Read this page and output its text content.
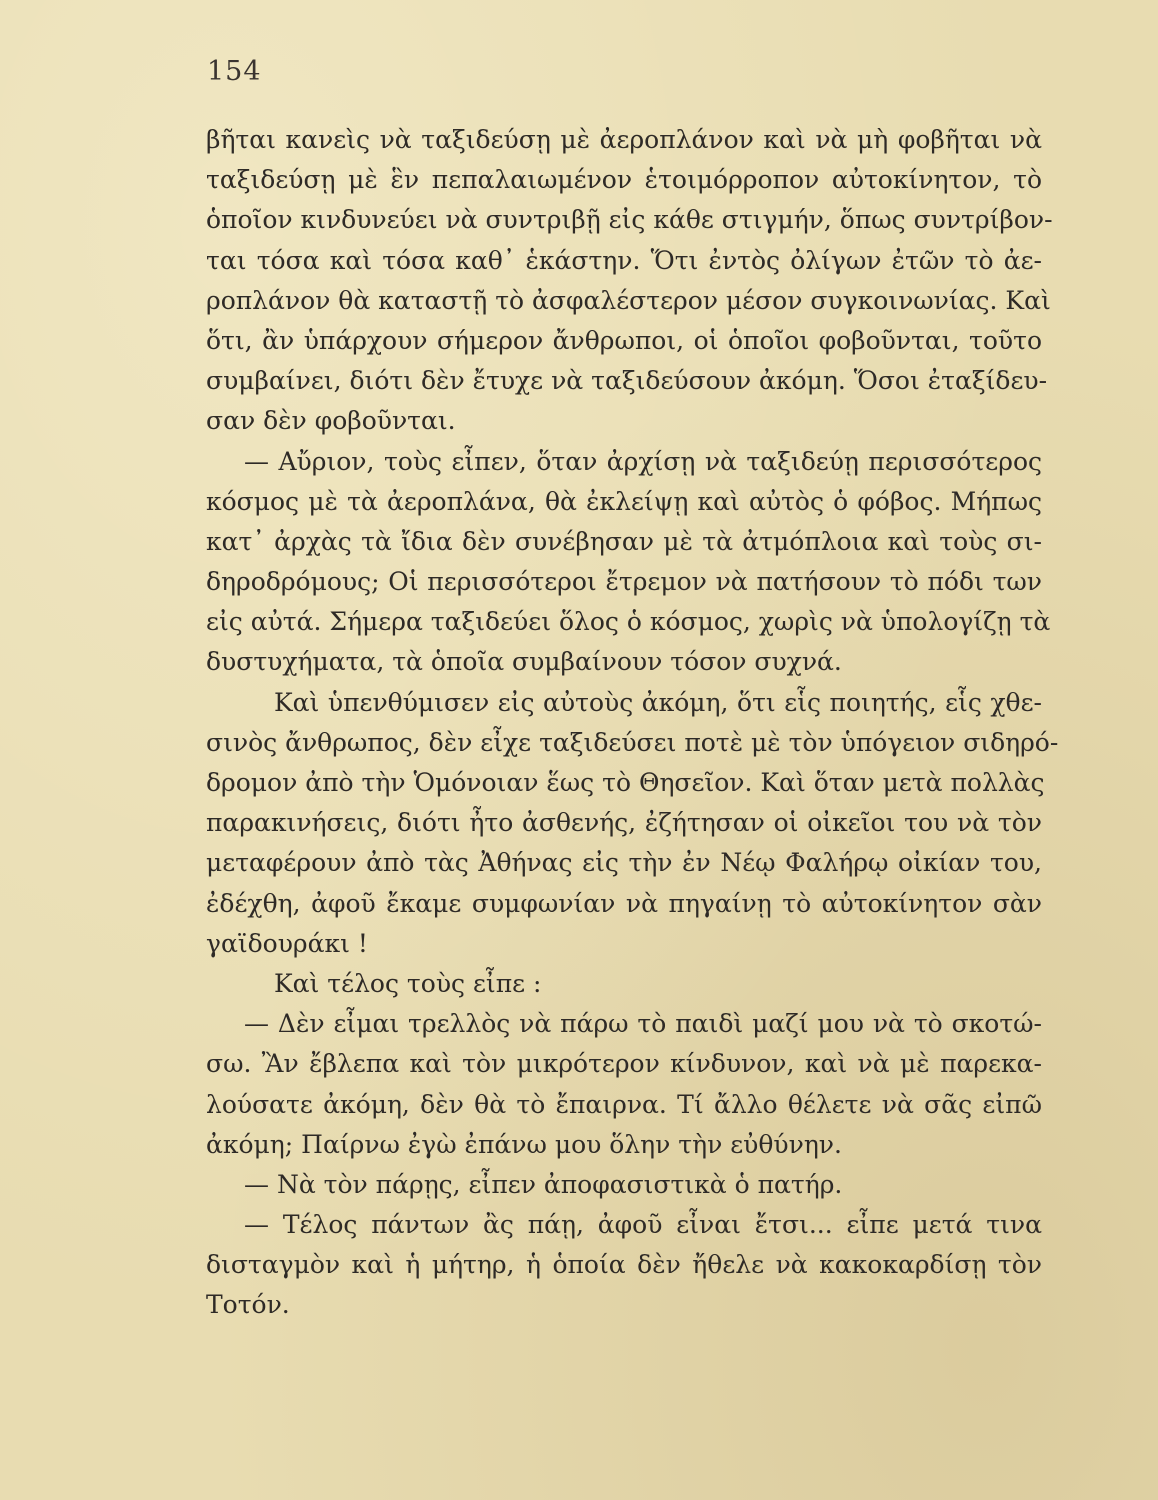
154
βῆται κανεὶς νὰ ταξιδεύσῃ μὲ ἀεροπλάνον καὶ νὰ μὴ φοβῆται νὰ
ταξιδεύσῃ μὲ ἓν πεπαλαιωμένον ἑτοιμόρροπον αὐτοκίνητον, τὸ
ὁποῖον κινδυνεύει νὰ συντριβῇ εἰς κάθε στιγμήν, ὅπως συντρίβον-
ται τόσα καὶ τόσα καθ᾽ ἑκάστην. Ὅτι ἐντὸς ὀλίγων ἐτῶν τὸ ἀε-
ροπλάνον θὰ καταστῇ τὸ ἀσφαλέστερον μέσον συγκοινωνίας. Καὶ
ὅτι, ἂν ὑπάρχουν σήμερον ἄνθρωποι, οἱ ὁποῖοι φοβοῦνται, τοῦτο
συμβαίνει, διότι δὲν ἔτυχε νὰ ταξιδεύσουν ἀκόμη. Ὅσοι ἐταξίδευ-
σαν δὲν φοβοῦνται.
— Αὔριον, τοὺς εἶπεν, ὅταν ἀρχίσῃ νὰ ταξιδεύῃ περισσότερος
κόσμος μὲ τὰ ἀεροπλάνα, θὰ ἐκλείψῃ καὶ αὐτὸς ὁ φόβος. Μήπως
κατ᾽ ἀρχὰς τὰ ἴδια δὲν συνέβησαν μὲ τὰ ἀτμόπλοια καὶ τοὺς σι-
δηροδρόμους; Οἱ περισσότεροι ἔτρεμον νὰ πατήσουν τὸ πόδι των
εἰς αὐτά. Σήμερα ταξιδεύει ὅλος ὁ κόσμος, χωρὶς νὰ ὑπολογίζῃ τὰ
δυστυχήματα, τὰ ὁποῖα συμβαίνουν τόσον συχνά.
Καὶ ὑπενθύμισεν εἰς αὐτοὺς ἀκόμη, ὅτι εἷς ποιητής, εἷς χθε-
σινὸς ἄνθρωπος, δὲν εἶχε ταξιδεύσει ποτὲ μὲ τὸν ὑπόγειον σιδηρό-
δρομον ἀπὸ τὴν Ὁμόνοιαν ἕως τὸ Θησεῖον. Καὶ ὅταν μετὰ πολλὰς
παρακινήσεις, διότι ἦτο ἀσθενής, ἐζήτησαν οἱ οἰκεῖοι του νὰ τὸν
μεταφέρουν ἀπὸ τὰς Ἀθήνας εἰς τὴν ἐν Νέῳ Φαλήρῳ οἰκίαν του,
ἐδέχθη, ἀφοῦ ἔκαμε συμφωνίαν νὰ πηγαίνῃ τὸ αὐτοκίνητον σὰν
γαϊδουράκι !
Καὶ τέλος τοὺς εἶπε :
— Δὲν εἶμαι τρελλὸς νὰ πάρω τὸ παιδὶ μαζί μου νὰ τὸ σκοτώ-
σω. Ἂν ἔβλεπα καὶ τὸν μικρότερον κίνδυνον, καὶ νὰ μὲ παρεκα-
λούσατε ἀκόμη, δὲν θὰ τὸ ἔπαιρνα. Τί ἄλλο θέλετε νὰ σᾶς εἰπῶ
ἀκόμη; Παίρνω ἐγὼ ἐπάνω μου ὅλην τὴν εὐθύνην.
— Νὰ τὸν πάρῃς, εἶπεν ἀποφασιστικὰ ὁ πατήρ.
— Τέλος πάντων ἂς πάῃ, ἀφοῦ εἶναι ἔτσι... εἶπε μετά τινα
δισταγμὸν καὶ ἡ μήτηρ, ἡ ὁποία δὲν ἤθελε νὰ κακοκαρδίσῃ τὸν
Τοτόν.
